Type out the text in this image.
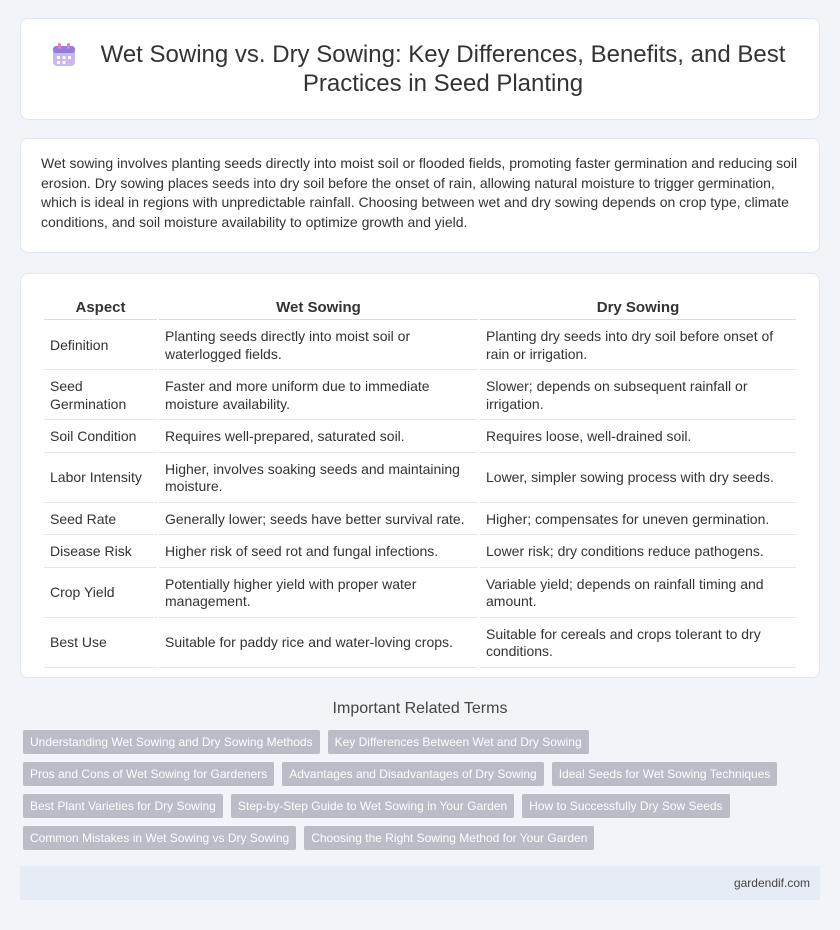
Wet Sowing vs. Dry Sowing: Key Differences, Benefits, and Best Practices in Seed Planting

Wet sowing involves planting seeds directly into moist soil or flooded fields, promoting faster germination and reducing soil erosion. Dry sowing places seeds into dry soil before the onset of rain, allowing natural moisture to trigger germination, which is ideal in regions with unpredictable rainfall. Choosing between wet and dry sowing depends on crop type, climate conditions, and soil moisture availability to optimize growth and yield.

Aspect	Wet Sowing	Dry Sowing
Definition	Planting seeds directly into moist soil or waterlogged fields.	Planting dry seeds into dry soil before onset of rain or irrigation.
Seed Germination	Faster and more uniform due to immediate moisture availability.	Slower; depends on subsequent rainfall or irrigation.
Soil Condition	Requires well-prepared, saturated soil.	Requires loose, well-drained soil.
Labor Intensity	Higher, involves soaking seeds and maintaining moisture.	Lower, simpler sowing process with dry seeds.
Seed Rate	Generally lower; seeds have better survival rate.	Higher; compensates for uneven germination.
Disease Risk	Higher risk of seed rot and fungal infections.	Lower risk; dry conditions reduce pathogens.
Crop Yield	Potentially higher yield with proper water management.	Variable yield; depends on rainfall timing and amount.
Best Use	Suitable for paddy rice and water-loving crops.	Suitable for cereals and crops tolerant to dry conditions.
Important Related Terms
Understanding Wet Sowing and Dry Sowing Methods	Key Differences Between Wet and Dry Sowing
Pros and Cons of Wet Sowing for Gardeners	Advantages and Disadvantages of Dry Sowing	Ideal Seeds for Wet Sowing Techniques
Best Plant Varieties for Dry Sowing	Step-by-Step Guide to Wet Sowing in Your Garden	How to Successfully Dry Sow Seeds
Common Mistakes in Wet Sowing vs Dry Sowing	Choosing the Right Sowing Method for Your Garden
gardendif.com
